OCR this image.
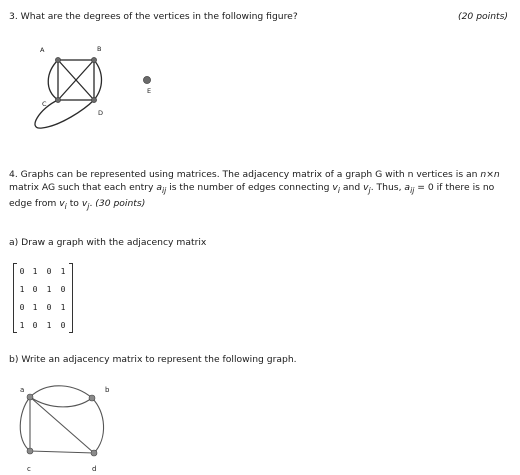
3. What are the degrees of the vertices in the following figure?	(20 points)
A	B
C
D
E
a	b
c	d
4. Graphs can be represented using matrices. The adjacency matrix of a graph G with n vertices is an n×n matrix AG such that each entry $a_{ij}$ is the number of edges connecting $v_i$ and $v_j$. Thus, $a_{ij} = 0$ if there is no edge from $v_i$ to $v_j$. (30 points)
a) Draw a graph with the adjacency matrix
0	1	0	1
1	0	1	0
0	1	0	1
1	0	1	0
b) Write an adjacency matrix to represent the following graph.
